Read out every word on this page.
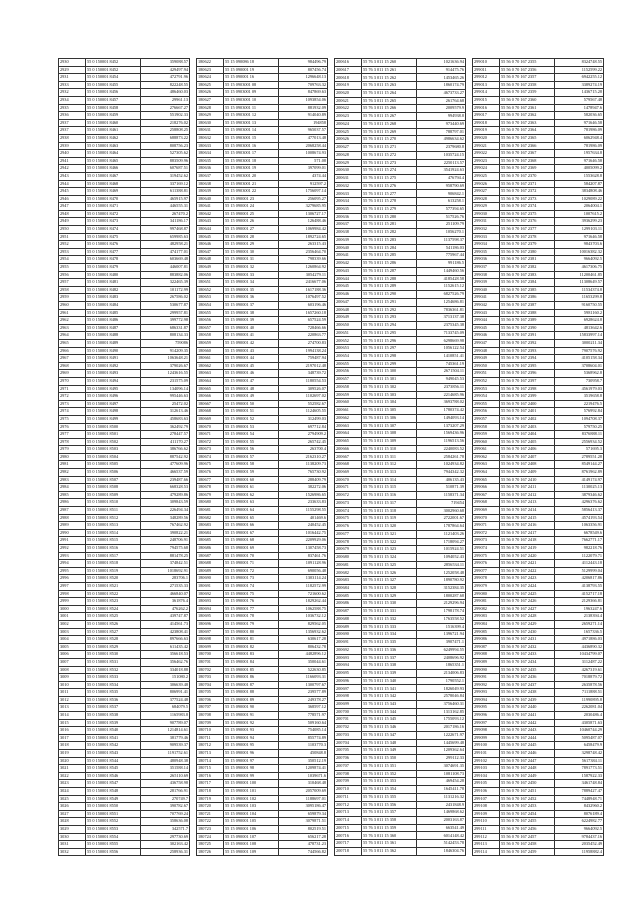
2930	55 0 150001 8452	359088.57
2929	55 0 150001 8452	429497.94
2931	55 0 150001 8454	472791.96
2933	55 0 150001 8455	822248.55
2932	55 0 150001 8456	486460.03
2934	55 0 150001 8457	29961.13
2935	55 0 150001 8458	276667.27
2936	55 0 150001 8459	551902.33
2937	55 0 150001 8460	218276.02
2937	55 0 150001 8461	258808.25
2938	55 0 150001 8462	688873.22
2939	55 0 150001 8463	808756.23
2940	55 0 150001 8464	527305.62
2941	55 0 150001 8465	883509.96
2942	55 0 150001 8466	607687.51
2943	55 0 150001 8467	319452.62
2944	55 0 150001 8468	337169.12
2945	55 0 150001 8469	611388.81
2946	55 0 150001 8470	465915.97
2947	55 0 150001 8471	446555.31
2948	55 0 150001 8472	267470.2
2949	55 0 150001 8473	341186.17
2950	55 0 150001 8474	997468.87
2951	55 0 150001 8475	659985.63
2952	55 0 150001 8476	482958.21
2953	55 0 150001 8477	474177.01
2954	55 0 150001 8478	603669.48
2955	55 0 150001 8479	446007.81
2956	55 0 150001 8480	883882.06
2957	55 0 150001 8481	322465.39
2958	55 0 150001 8482	101172.99
2959	55 0 150001 8483	267586.02
2960	55 0 150001 8484	530677.87
2961	55 0 150001 8485	299957.81
2962	55 0 150001 8486	399772.98
2963	55 0 150001 8487	686331.87
2964	55 0 150001 8488	808134.33
2965	55 0 150001 8489	759086
2966	55 0 150001 8490	914209.35
2967	55 0 150001 8491	1063648.21
2968	55 0 150001 8492	379026.67
2969	55 0 150001 8493	1243616.55
2970	55 0 150001 8494	231575.09
2971	55 0 150001 8495	134096.14
2972	55 0 150001 8496	995446.63
2973	55 0 150001 8497	25472.02
2974	55 0 150001 8498	312613.46
2975	55 0 150001 8499	458683.63
2976	55 0 150001 8500	362492.79
2977	55 0 150001 8501	278447.57
2978	55 0 150001 8502	411170.27
2979	55 0 150001 8503	386766.62
2980	55 0 150001 8504	887542.92
2981	55 0 150001 8505	477609.96
2982	55 0 150001 8506	466537.59
2983	55 0 150001 8507	239487.66
2984	55 0 150001 8508	668328.53
2985	55 0 150001 8509	479289.86
2986	55 0 150001 8510	309843.59
2987	55 0 150001 8511	226494.34
2988	55 0 150001 8512	348289.56
2989	55 0 150001 8513	767462.92
2990	55 0 150001 8514	390822.21
2991	55 0 150001 8515	248706.91
2992	55 0 150001 8516	794575.68
2993	55 0 150001 8517	881478.25
2994	55 0 150001 8518	374842.51
2995	55 0 150001 8519	1018692.91
2996	55 0 150001 8520	283706.1
2997	55 0 150001 8521	271535.33
2998	55 0 150001 8522	466840.07
2999	55 0 150001 8523	361876.4
3000	55 0 150001 8524	476262.2
3001	55 0 150001 8525	439747.87
3002	55 0 150001 8526	414561.73
3003	55 0 150001 8527	423808.41
3004	55 0 150001 8528	897666.63
3005	55 0 150001 8529	611435.42
3006	55 0 150001 8530	356618.53
3007	55 0 150001 8531	356462.76
3008	55 0 150001 8532	334018.88
3009	55 0 150001 8533	151080.2
3010	55 0 150001 8534	306639.48
3011	55 0 150001 8535	806991.41
3012	55 0 150001 8536	377524.48
3013	55 0 150001 8537	684079.5
3014	55 0 150001 8538	1165983.8
3015	55 0 150001 8539	907789.07
3016	55 0 150001 8540	1214814.61
3017	55 0 150001 8541	381779.46
3018	55 0 150001 8542	909539.37
3019	55 0 150001 8543	1191752.61
3020	55 0 150001 8544	480948.38
3021	55 0 150001 8545	351588.14
3022	55 0 150001 8546	265110.69
3023	55 0 150001 8547	436758.98
3024	55 0 150001 8548	281766.91
3025	55 0 150001 8549	270749.7
3026	55 0 150001 8550	390782.67
3027	55 0 150001 8551	707769.24
3028	55 0 150001 8552	358636.08
3029	55 0 150001 8553	342571.7
3030	55 0 150001 8554	297730.69
3031	55 0 150001 8555	302163.42
3032	55 0 150001 8556	258936.31
180622	55 15 090086 18	984496.79
180623	55 15 090001 19	807456.74
180624	55 15 090001 16	1296648.13
180625	55 15 0903001 08	709763.32
180626	55 15 0903001 09	847869.63
180627	55 15 0903001 10	1093854.06
180628	55 15 0903001 11	881932.09
180629	55 15 0903001 12	914040.89
180630	55 15 0903001 13	194858
180631	55 15 0903001 14	965037.57
180632	55 15 0903001 15	477013.48
180633	55 15 0903001 16	2068258.44
180634	55 15 0903001 17	1008674.93
180635	55 15 0903001 18	571.08
180636	55 15 0903001 19	397099.01
180637	55 15 0903001 20	4374.44
180638	55 15 0903001 21	912597.2
180639	55 15 0903001 22	1756097.14
180640	55 15 090001 23	256095.27
180641	55 15 090001 24	3279685.95
180642	55 15 090001 25	1306727.17
180643	55 15 090001 26	126488.46
180644	55 15 090001 27	1069984.42
180645	55 15 090001 28	1892724.65
180646	55 15 090001 29	263315.43
180647	55 15 090001 30	2356464.70
180648	55 15 090001 31	798339.66
180649	55 15 090001 32	1260864.92
180650	55 15 090001 33	3054279.11
180651	55 15 090001 34	2416677.06
180652	55 15 090001 35	1617188.36
180653	55 15 090001 36	1076497.52
180654	55 15 090001 37	603196.46
180655	55 15 090001 38	1657260.18
180656	55 15 090001 39	657524.59
180657	55 15 090001 40	728466.66
180658	55 15 090001 41	220863.77
180659	55 15 090001 42	274700.83
180660	55 15 090001 43	1994138.24
180661	55 15 090001 44	759487.94
180662	55 15 090001 45	2197012.48
180663	55 15 090001 46	348739.72
180664	55 15 090001 47	1180554.53
180665	55 15 090001 48	309526.07
180666	55 15 090001 49	1102697.02
180667	55 15 090001 50	552582.67
180668	55 15 090001 51	1124605.55
180669	55 15 090001 52	312499.03
180670	55 15 090001 53	697712.84
180671	55 15 090001 54	2794909.2
180672	55 15 090001 55	265742.45
180673	55 15 090001 56	263700.4
180674	55 15 090001 57	2162310.27
180675	55 15 090001 58	1138209.73
180676	55 15 090001 59	765730.92
180677	55 15 090001 60	288409.79
180678	55 15 090001 61	382272.06
180679	55 15 090001 62	1526986.65
180680	55 15 090001 63	233633.83
180681	55 15 090001 64	1155298.55
180682	55 15 090001 65	401469.6
180683	55 15 090001 66	240452.45
180684	55 15 090001 67	1016442.75
180685	55 15 090001 68	2209929.06
180686	55 15 090001 69	1307458.73
180687	55 15 090001 70	837461.76
180688	55 15 090001 71	1091128.96
180689	55 15 090001 72	690056.48
180690	55 15 090001 73	1303114.24
180691	55 15 090001 74	1182572.99
180692	55 15 090001 75	721600.62
180693	55 15 090001 76	1829262.44
180694	55 15 090001 77	1062588.75
180695	55 15 090001 78	1036732.12
180696	55 15 090001 79	829562.05
180697	55 15 090001 80	1356932.62
180698	55 15 090001 81	630617.28
180699	55 15 090001 82	806432.78
180700	55 15 090001 83	4482896.12
180701	55 15 090001 84	350044.61
180702	55 15 090001 85	522630.85
180703	55 15 090001 86	1166093.31
180704	55 15 090001 87	1300797.67
180705	55 15 090001 88	239577.89
180706	55 15 090001 89	249378.27
180707	55 15 090001 90	368597.12
180708	55 15 090001 91	778571.97
180709	55 15 090001 92	509160.64
180710	55 15 090001 93	754085.14
180711	55 15 090001 94	855774.89
180712	55 15 090001 95	1103770.3
180713	55 15 090001 96	450848.8
180714	55 15 090001 97	350512.19
180715	55 15 090001 98	1209874.41
180716	55 15 090001 99	1039671.6
180717	55 15 090001 100	310468.48
180718	55 15 090001 101	2057009.69
180719	55 15 090001 102	1188697.01
180720	55 15 090001 103	3095186.47
180721	55 15 090001 104	659879.34
180722	55 15 090001 105	3079871.51
180723	55 15 090001 106	802519.51
180724	55 15 090001 107	656217.28
180725	55 15 090001 108	478731.23
180726	55 15 090001 109	744566.82
200616	55 76 3 011 15 260	1021636.94
200617	55 76 3 011 15 261	914475.76
200618	55 76 3 011 15 262	1453465.26
200619	55 76 3 011 15 263	1860174.79
200620	55 76 3 011 15 264	4673733.27
200621	55 76 3 011 15 265	261764.68
200622	55 76 3 011 15 266	2009579.9
200623	55 76 3 011 15 267	994938.8
200624	55 76 3 011 15 268	973440.69
200625	55 76 3 011 15 269	788797.01
200626	55 76 3 011 15 270	4986634.62
200627	55 76 3 011 15 271	2379680.8
200628	55 76 3 011 15 272	1035724.15
200629	55 76 3 011 15 273	2250113.57
200630	55 76 3 011 15 274	3541924.63
200631	55 76 3 011 15 275	476794.4
200632	55 76 3 011 15 276	958790.69
200633	55 76 3 011 15 277	906842.1
200634	55 76 3 011 15 278	613258.1
200635	55 76 3 011 15 279	577394.65
200636	55 76 3 011 15 280	517526.76
200637	55 76 3 011 15 281	251109.79
200638	55 76 3 011 15 282	1056270.1
200639	55 76 3 011 15 283	1137598.37
200640	55 76 3 011 15 284	541186.03
200641	55 76 3 011 15 285	775967.44
200642	55 76 3 011 15 286	991186.5
200643	55 76 3 011 15 287	1449460.56
200644	55 76 3 011 15 288	4185428.58
200645	55 76 3 011 15 289	1152615.12
200646	55 76 3 011 15 290	6827526.79
200647	55 76 3 011 15 291	1254686.81
200648	55 76 3 011 15 292	7836361.81
200649	55 76 3 011 15 293	3713137.38
200650	55 76 3 011 15 294	2375345.38
200651	55 76 3 011 15 295	7133745.09
200652	55 76 3 011 15 296	6298669.98
200653	55 76 3 011 15 297	1056122.54
200654	55 76 3 011 15 298	1410851.41
200655	55 76 3 011 15 299	745361.19
200656	55 76 3 011 15 300	2671504.11
200657	55 76 3 011 15 301	949045.53
200658	55 76 3 011 15 302	2373856.11
200659	55 76 3 011 15 303	2214685.96
200660	55 76 3 011 15 304	3693788.02
200661	55 76 3 011 15 305	1780374.42
200662	55 76 3 011 15 306	1494093.14
200663	55 76 3 011 15 307	1373207.29
200664	55 76 3 011 15 308	1569436.96
200665	55 76 3 011 15 309	1196513.56
200666	55 76 3 011 15 310	2240083.52
200667	55 76 3 011 15 311	2584261.78
200668	55 76 3 011 15 312	1024934.82
200669	55 76 3 011 15 313	7944342.32
200670	55 76 3 011 15 314	406135.43
200671	55 76 3 011 15 315	510871.39
200672	55 76 3 011 15 316	1158371.34
200673	55 76 3 011 15 317	719454
200674	55 76 3 011 15 318	3002960.68
200675	55 76 3 011 15 319	2722001.67
200676	55 76 3 011 15 320	1787864.64
200677	55 76 3 011 15 321	1121403.26
200678	55 76 3 011 15 322	1718094.27
200679	55 76 3 011 15 323	1015924.51
200680	55 76 3 011 15 324	1094052.43
200681	55 76 3 011 15 325	2856534.11
200682	55 76 3 011 15 326	1252058.48
200683	55 76 3 011 15 327	1890780.92
200684	55 76 3 011 15 328	3152384.35
200685	55 76 3 011 15 329	1800287.68
200686	55 76 3 011 15 330	2129296.94
200687	55 76 3 011 15 331	1798178.74
200688	55 76 3 011 15 332	1763558.52
200689	55 76 3 011 15 333	1516399.4
200690	55 76 3 011 15 334	1396721.94
200691	55 76 3 011 15 335	3907471.1
200692	55 76 3 011 15 336	6249994.55
200693	55 76 3 011 15 337	2408696.92
200694	55 76 3 011 15 338	1865351.1
200695	55 76 3 011 15 339	2134006.83
200696	55 76 3 011 15 340	1790552.1
200697	55 76 3 011 15 341	1826049.93
200698	55 76 3 011 15 342	2578046.84
200699	55 76 3 011 15 343	3756460.31
200700	55 76 3 011 15 344	1313162.85
200701	55 76 3 011 15 345	1755093.12
200702	55 76 3 011 15 346	2017186.16
200703	55 76 3 011 15 347	1222671.97
200704	55 76 3 011 15 348	1445699.48
200705	55 76 3 011 15 349	1209362.64
200706	55 76 3 011 15 350	299112.33
200707	55 76 3 011 15 351	3074691.35
200708	55 76 3 011 15 352	1081108.73
200709	55 76 3 011 15 353	469454.28
200710	55 76 3 011 15 354	1645411.78
200711	55 76 3 011 15 355	1131216.32
200712	55 76 3 011 15 356	2431848.9
200713	55 76 3 011 15 357	1469868.62
200714	55 76 3 011 15 358	2003163.87
200715	55 76 3 011 15 359	663541.49
200716	55 76 3 011 15 360	6014148.42
200717	55 76 3 011 15 361	5142453.78
200718	55 76 3 011 15 362	1846304.76
299010	55 56 0 70 167 2355	8324748.55
299011	55 56 0 70 167 2356	1152599.22
299012	55 56 0 70 167 2357	6942255.12
299013	55 56 0 70 167 2358	3389274.19
299014	55 56 0 70 167 2359	1436715.28
299015	55 56 0 70 167 2360	579567.48
299016	55 56 0 70 167 2361	1478947.6
299017	55 56 0 70 167 2362	582036.65
299018	55 56 0 70 167 2363	971646.58
299019	55 56 0 70 167 2364	781986.09
299020	55 56 0 70 167 2365	6062948.4
299021	55 56 0 70 167 2366	781986.09
299022	55 56 0 70 167 2367	1957634.8
299023	55 56 0 70 167 2368	971646.58
299024	55 56 0 70 167 2369	4005099.2
299025	55 56 0 70 167 2370	1553628.8
299026	55 56 0 70 167 2371	584207.87
299027	55 56 0 70 167 2372	3834808.46
299028	55 56 0 70 167 2373	1029089.22
299029	55 56 0 70 167 2374	2064004.1
299030	55 56 0 70 167 2375	1007615.2
299031	55 56 0 70 167 2376	3936299.23
299032	55 56 0 70 167 2377	1299103.11
299033	55 56 0 70 167 2378	971646.58
299034	55 56 0 70 167 2379	9843703.6
299035	55 56 0 70 167 2380	10016382.32
299036	55 56 0 70 167 2381	9664092.5
299037	55 56 0 70 167 2382	4617306.75
299038	55 56 0 70 167 2383	11200461.85
299039	55 56 0 70 167 2384	11308649.57
299040	55 56 0 70 167 2385	11534374.8
299041	55 56 0 70 167 2386	11653299.8
299042	55 56 0 70 167 2387	9160750.55
299043	55 56 0 70 167 2388	5981160.2
299044	55 56 0 70 167 2389	6928624.8
299045	55 56 0 70 167 2390	4813642.6
299046	55 56 0 70 167 2391	15833997.14
299047	55 56 0 70 167 2392	3000211.34
299048	55 56 0 70 167 2393	7907576.92
299049	55 56 0 70 167 2394	4105158.34
299050	55 56 0 70 167 2395	3708604.01
299051	55 56 0 70 167 2396	5368962.8
299052	55 56 0 70 167 2397	730958.7
299053	55 56 0 70 167 2398	4561979.03
299054	55 56 0 70 167 2399	3519658.8
299055	55 56 0 70 167 2400	2219476.5
299056	55 56 0 70 167 2401	576992.84
299057	55 56 0 70 167 2402	1094708.37
299058	55 56 0 70 167 2403	579750.25
299059	55 56 0 70 167 2404	8376888.11
299060	55 56 0 70 167 2405	2556934.52
299061	55 56 0 70 167 2406	571695.3
299062	55 56 0 70 167 2407	2789551.28
299063	55 56 0 70 167 2408	8549144.27
299064	55 56 0 70 167 2409	8761962.89
299065	55 56 0 70 167 2410	4149174.97
299066	55 56 0 70 167 2411	1130025.13
299067	55 56 0 70 167 2412	3879346.62
299068	55 56 0 70 167 2413	4296376.62
299069	55 56 0 70 167 2414	5856413.37
299070	55 56 0 70 167 2415	4574193.54
299071	55 56 0 70 167 2416	1063356.91
299072	55 56 0 70 167 2417	6678549.6
299073	55 56 0 70 167 2418	7662771.17
299074	55 56 0 70 167 2419	982218.76
299075	55 56 0 70 167 2420	1122079.71
299076	55 56 0 70 167 2421	4112443.18
299077	55 56 0 70 167 2422	5129999.04
299078	55 56 0 70 167 2423	4206817.86
299079	55 56 0 70 167 2424	4138793.55
299080	55 56 0 70 167 2425	4152717.18
299081	55 56 0 70 167 2426	2129366.81
299082	55 56 0 70 167 2427	1963247.6
299083	55 56 0 70 167 2428	2138394.4
299084	55 56 0 70 167 2429	2659271.14
299085	55 56 0 70 167 2430	1657336.5
299086	55 56 0 70 167 2431	4971886.03
299087	55 56 0 70 167 2432	4436890.32
299088	55 56 0 70 167 2433	10434799.07
299089	55 56 0 70 167 2434	3112487.22
299090	55 56 0 70 167 2435	4267319.61
299091	55 56 0 70 167 2436	7018879.72
299092	55 56 0 70 167 2437	2635878.56
299093	55 56 0 70 167 2438	7111888.51
299094	55 56 0 70 167 2439	11990895.8
299095	55 56 0 70 167 2440	2262081.04
299096	55 56 0 70 167 2441	2030486.4
299097	55 56 0 70 167 2442	4305871.63
299098	55 56 0 70 167 2443	10460744.29
299099	55 56 0 70 167 2444	5095487.07
299100	55 56 0 70 167 2445	6458479.9
299101	55 56 0 70 167 2446	3298748.42
299102	55 56 0 70 167 2447	5617384.11
299103	55 56 0 70 167 2448	7891773.51
299104	55 56 0 70 167 2449	1587922.33
299105	55 56 0 70 167 2450	3461748.84
299106	55 56 0 70 167 2451	7889427.47
299107	55 56 0 70 167 2452	7448948.71
299108	55 56 0 70 167 2453	8432960.2
299109	55 56 0 70 167 2454	8076189.4
299110	55 56 0 70 167 2455	6224982.77
299111	55 56 0 70 167 2456	9664092.5
299112	55 56 0 70 167 2457	9784437.16
299113	55 56 0 70 167 2458	2035452.49
299114	55 56 0 70 167 2459	11958882.4
